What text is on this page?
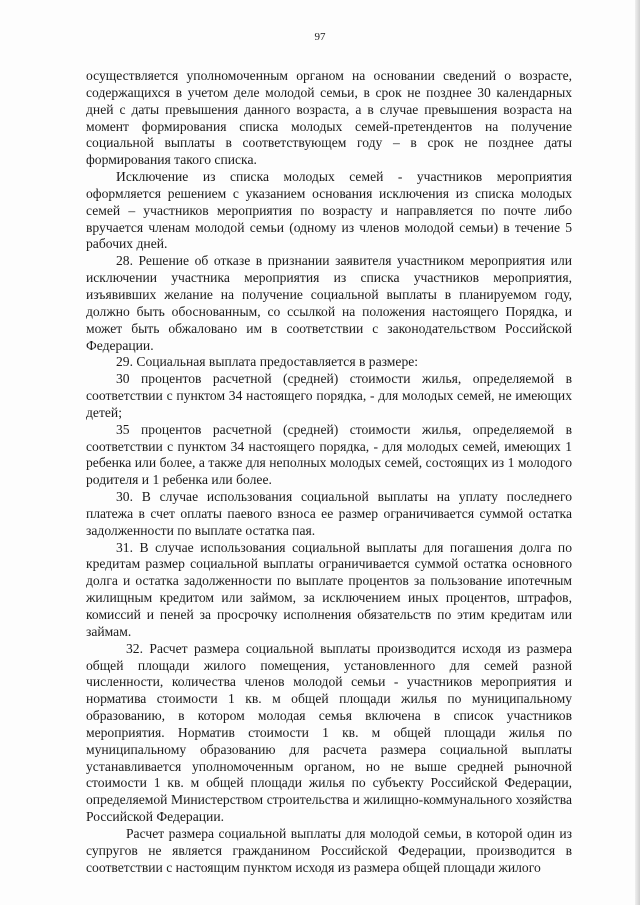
97

осуществляется уполномоченным органом на основании сведений о возрасте, содержащихся в учетом деле молодой семьи, в срок не позднее 30 календарных дней с даты превышения данного возраста, а в случае превышения возраста на момент формирования списка молодых семей-претендентов на получение социальной выплаты в соответствующем году – в срок не позднее даты формирования такого списка.

Исключение из списка молодых семей - участников мероприятия оформляется решением с указанием основания исключения из списка молодых семей – участников мероприятия по возрасту и направляется по почте либо вручается членам молодой семьи (одному из членов молодой семьи) в течение 5 рабочих дней.

28. Решение об отказе в признании заявителя участником мероприятия или исключении участника мероприятия из списка участников мероприятия, изъявивших желание на получение социальной выплаты в планируемом году, должно быть обоснованным, со ссылкой на положения настоящего Порядка, и может быть обжаловано им в соответствии с законодательством Российской Федерации.

29. Социальная выплата предоставляется в размере:

30 процентов расчетной (средней) стоимости жилья, определяемой в соответствии с пунктом 34 настоящего порядка, - для молодых семей, не имеющих детей;

35 процентов расчетной (средней) стоимости жилья, определяемой в соответствии с пунктом 34 настоящего порядка, - для молодых семей, имеющих 1 ребенка или более, а также для неполных молодых семей, состоящих из 1 молодого родителя и 1 ребенка или более.

30. В случае использования социальной выплаты на уплату последнего платежа в счет оплаты паевого взноса ее размер ограничивается суммой остатка задолженности по выплате остатка пая.

31. В случае использования социальной выплаты для погашения долга по кредитам размер социальной выплаты ограничивается суммой остатка основного долга и остатка задолженности по выплате процентов за пользование ипотечным жилищным кредитом или займом, за исключением иных процентов, штрафов, комиссий и пеней за просрочку исполнения обязательств по этим кредитам или займам.

32. Расчет размера социальной выплаты производится исходя из размера общей площади жилого помещения, установленного для семей разной численности, количества членов молодой семьи - участников мероприятия и норматива стоимости 1 кв. м общей площади жилья по муниципальному образованию, в котором молодая семья включена в список участников мероприятия. Норматив стоимости 1 кв. м общей площади жилья по муниципальному образованию для расчета размера социальной выплаты устанавливается уполномоченным органом, но не выше средней рыночной стоимости 1 кв. м общей площади жилья по субъекту Российской Федерации, определяемой Министерством строительства и жилищно-коммунального хозяйства Российской Федерации.

Расчет размера социальной выплаты для молодой семьи, в которой один из супругов не является гражданином Российской Федерации, производится в соответствии с настоящим пунктом исходя из размера общей площади жилого
